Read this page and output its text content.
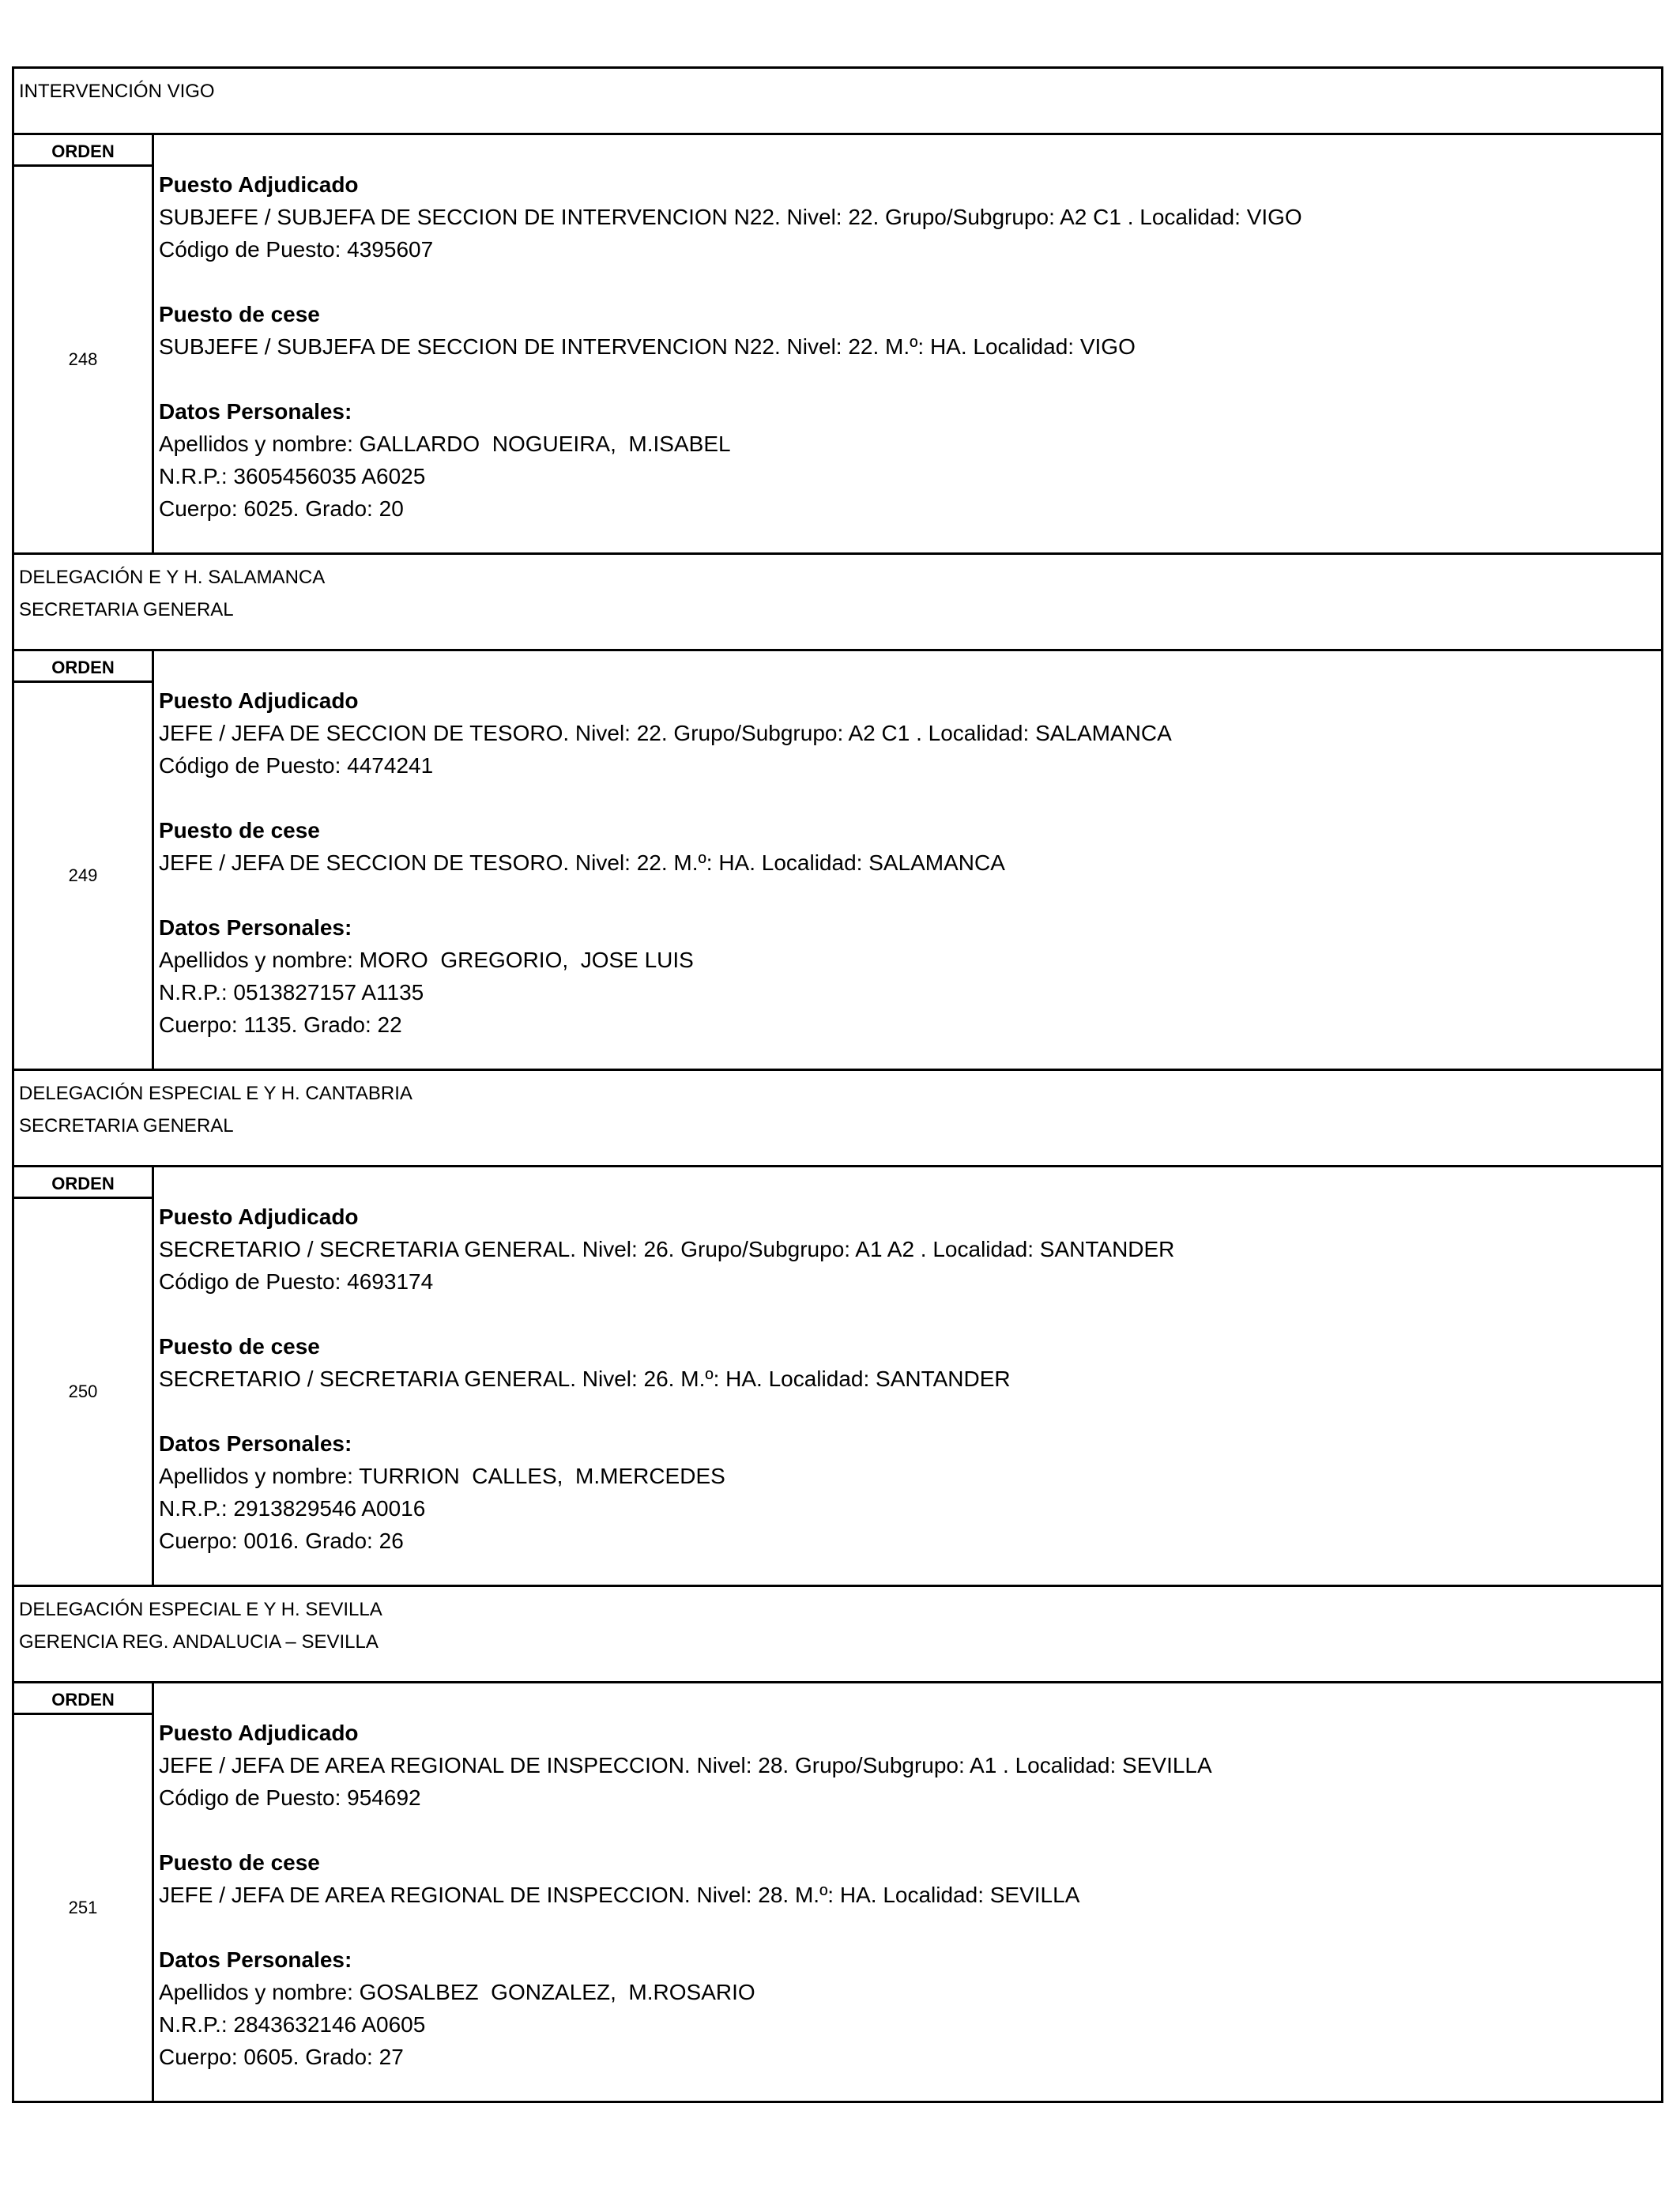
INTERVENCIÓN VIGO
ORDEN
248
Puesto Adjudicado
SUBJEFE / SUBJEFA DE SECCION DE INTERVENCION N22. Nivel: 22. Grupo/Subgrupo: A2 C1 . Localidad: VIGO
Código de Puesto: 4395607
Puesto de cese
SUBJEFE / SUBJEFA DE SECCION DE INTERVENCION N22. Nivel: 22. M.º: HA. Localidad: VIGO
Datos Personales:
Apellidos y nombre: GALLARDO  NOGUEIRA,  M.ISABEL
N.R.P.: 3605456035 A6025
Cuerpo: 6025. Grado: 20
DELEGACIÓN E Y H. SALAMANCA
SECRETARIA GENERAL
ORDEN
249
Puesto Adjudicado
JEFE / JEFA DE SECCION DE TESORO. Nivel: 22. Grupo/Subgrupo: A2 C1 . Localidad: SALAMANCA
Código de Puesto: 4474241
Puesto de cese
JEFE / JEFA DE SECCION DE TESORO. Nivel: 22. M.º: HA. Localidad: SALAMANCA
Datos Personales:
Apellidos y nombre: MORO  GREGORIO,  JOSE LUIS
N.R.P.: 0513827157 A1135
Cuerpo: 1135. Grado: 22
DELEGACIÓN ESPECIAL E Y H. CANTABRIA
SECRETARIA GENERAL
ORDEN
250
Puesto Adjudicado
SECRETARIO / SECRETARIA GENERAL. Nivel: 26. Grupo/Subgrupo: A1 A2 . Localidad: SANTANDER
Código de Puesto: 4693174
Puesto de cese
SECRETARIO / SECRETARIA GENERAL. Nivel: 26. M.º: HA. Localidad: SANTANDER
Datos Personales:
Apellidos y nombre: TURRION  CALLES,  M.MERCEDES
N.R.P.: 2913829546 A0016
Cuerpo: 0016. Grado: 26
DELEGACIÓN ESPECIAL E Y H. SEVILLA
GERENCIA REG. ANDALUCIA – SEVILLA
ORDEN
251
Puesto Adjudicado
JEFE / JEFA DE AREA REGIONAL DE INSPECCION. Nivel: 28. Grupo/Subgrupo: A1 . Localidad: SEVILLA
Código de Puesto: 954692
Puesto de cese
JEFE / JEFA DE AREA REGIONAL DE INSPECCION. Nivel: 28. M.º: HA. Localidad: SEVILLA
Datos Personales:
Apellidos y nombre: GOSALBEZ  GONZALEZ,  M.ROSARIO
N.R.P.: 2843632146 A0605
Cuerpo: 0605. Grado: 27
